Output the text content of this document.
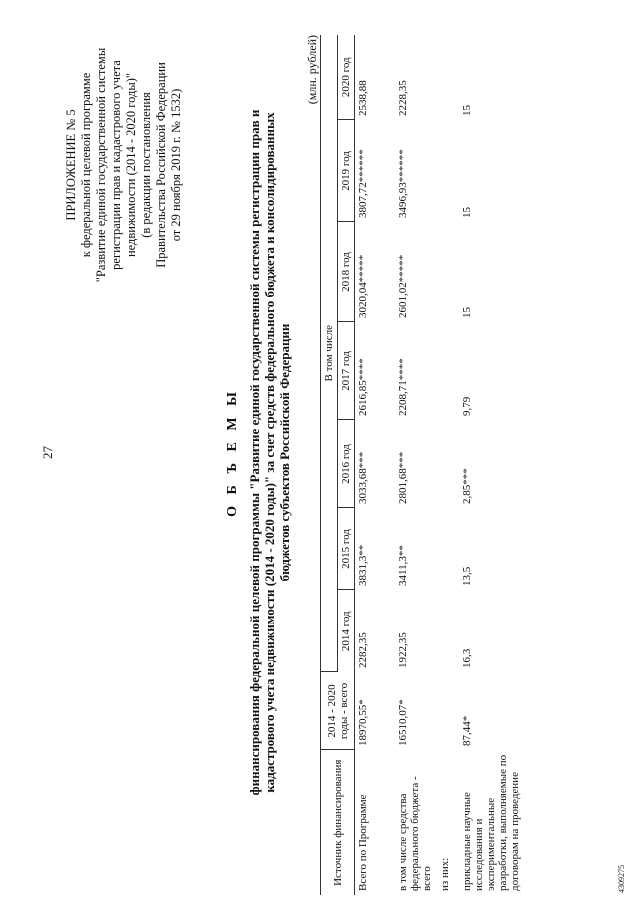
27
ПРИЛОЖЕНИЕ № 5 к федеральной целевой программе "Развитие единой государственной системы регистрации прав и кадастрового учета недвижимости (2014 - 2020 годы)" (в редакции постановления Правительства Российской Федерации от 29 ноября 2019 г. № 1532)
О Б Ъ Е М Ы финансирования федеральной целевой программы "Развитие единой государственной системы регистрации прав и кадастрового учета недвижимости (2014 - 2020 годы)" за счет средств федерального бюджета и консолидированных бюджетов субъектов Российской Федерации
(млн. рублей)
Источник финансирования	2014 - 2020 годы - всего	В том числе						
		2014 год	2015 год	2016 год	2017 год	2018 год	2019 год	2020 год
Всего по Программе	18970,55*	2282,35	3831,3**	3033,68***	2616,85****	3020,04*****	3807,72******	2538,88
в том числе средства федерального бюджета - всего	16510,07*	1922,35	3411,3**	2801,68***	2208,71****	2601,02*****	3496,93******	2228,35
из них:								
прикладные научные исследования и экспериментальные разработки, выполняемые по договорам на проведение	87,44*	16,3	13,5	2,85***	9,79	15	15	15
4309275
